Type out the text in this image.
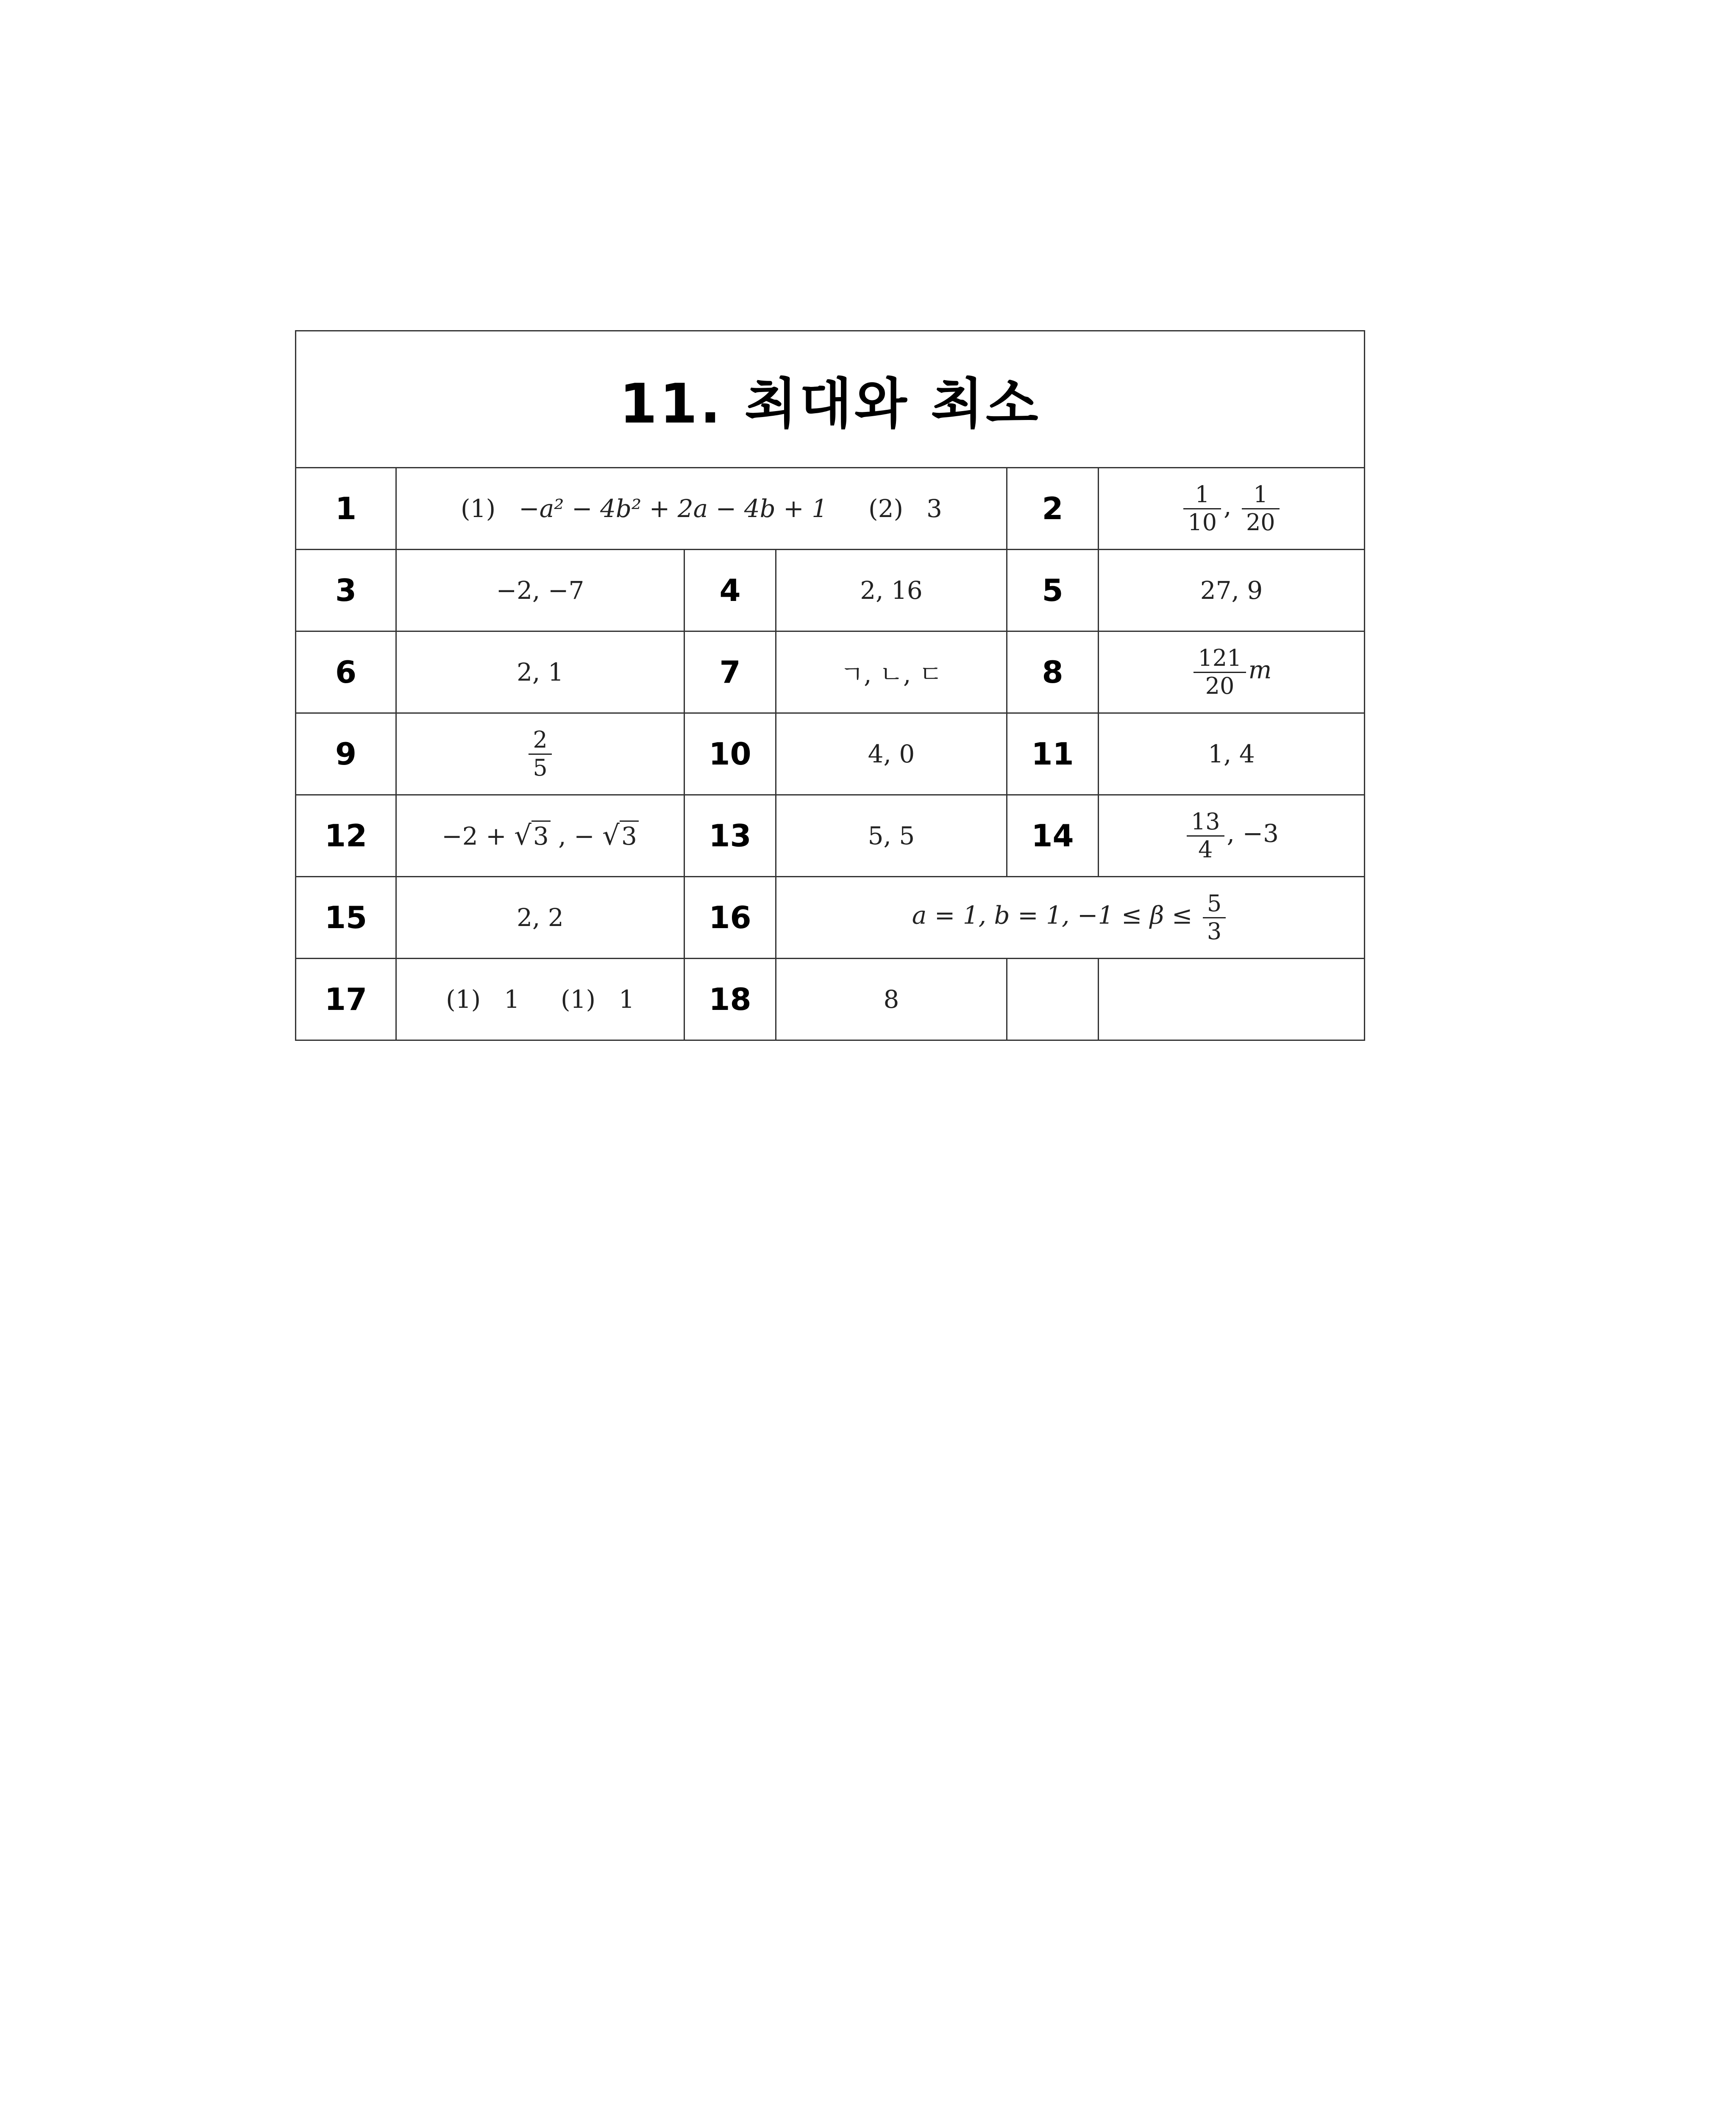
11. 최대와 최소					
1	(1) −a² − 4b² + 2a − 4b + 1 (2) 3			2	$\frac{1}{10}$ , $\frac{1}{20}$

3	−2, −7	4	2, 16	5	27, 9
6	2, 1	7	ㄱ, ㄴ, ㄷ	8	$\frac{121}{20}$ m
9	$\frac{2}{5}$	10	4, 0	11	1, 4
12	−2 + √3 , − √3	13	5, 5	14	$\frac{13}{4}$ , −3
15	2, 2	16	a = 1, b = 1, $-1 \le \beta \le \frac{5}{3}$

17	(1) 1 (1) 1	18	8		
